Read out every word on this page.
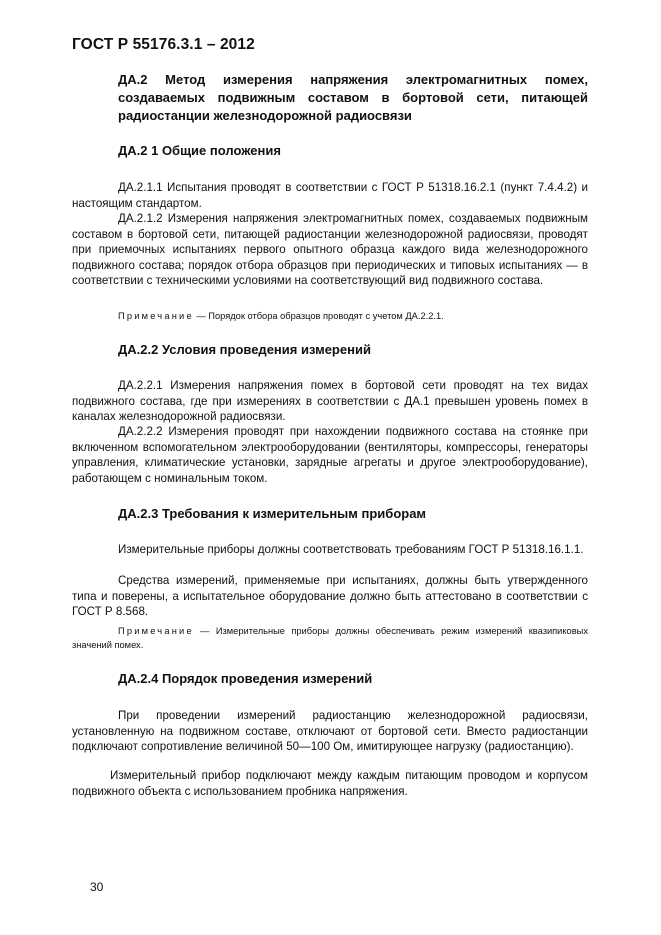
ГОСТ Р 55176.3.1 – 2012
ДА.2 Метод измерения напряжения электромагнитных помех, создаваемых подвижным составом в бортовой сети, питающей радиостанции железнодорожной радиосвязи
ДА.2 1 Общие положения
ДА.2.1.1 Испытания проводят в соответствии с ГОСТ Р 51318.16.2.1 (пункт 7.4.4.2) и настоящим стандартом.
ДА.2.1.2 Измерения напряжения электромагнитных помех, создаваемых подвижным составом в бортовой сети, питающей радиостанции железнодорожной радиосвязи, проводят при приемочных испытаниях первого опытного образца каждого вида железнодорожного подвижного состава; порядок отбора образцов при периодических и типовых испытаниях — в соответствии с техническими условиями на соответствующий вид подвижного состава.
Примечание — Порядок отбора образцов проводят с учетом ДА.2.2.1.
ДА.2.2 Условия проведения измерений
ДА.2.2.1 Измерения напряжения помех в бортовой сети проводят на тех видах подвижного состава, где при измерениях в соответствии с ДА.1 превышен уровень помех в каналах железнодорожной радиосвязи.
ДА.2.2.2 Измерения проводят при нахождении подвижного состава на стоянке при включенном вспомогательном электрооборудовании (вентиляторы, компрессоры, генераторы управления, климатические установки, зарядные агрегаты и другое электрооборудование), работающем с номинальным током.
ДА.2.3 Требования к измерительным приборам
Измерительные приборы должны соответствовать требованиям ГОСТ Р 51318.16.1.1.
Средства измерений, применяемые при испытаниях, должны быть утвержденного типа и поверены, а испытательное оборудование должно быть аттестовано в соответствии с ГОСТ Р 8.568.
Примечание — Измерительные приборы должны обеспечивать режим измерений квазипиковых значений помех.
ДА.2.4 Порядок проведения измерений
При проведении измерений радиостанцию железнодорожной радиосвязи, установленную на подвижном составе, отключают от бортовой сети. Вместо радиостанции подключают сопротивление величиной 50—100 Ом, имитирующее нагрузку (радиостанцию).
Измерительный прибор подключают между каждым питающим проводом и корпусом подвижного объекта с использованием пробника напряжения.
30
